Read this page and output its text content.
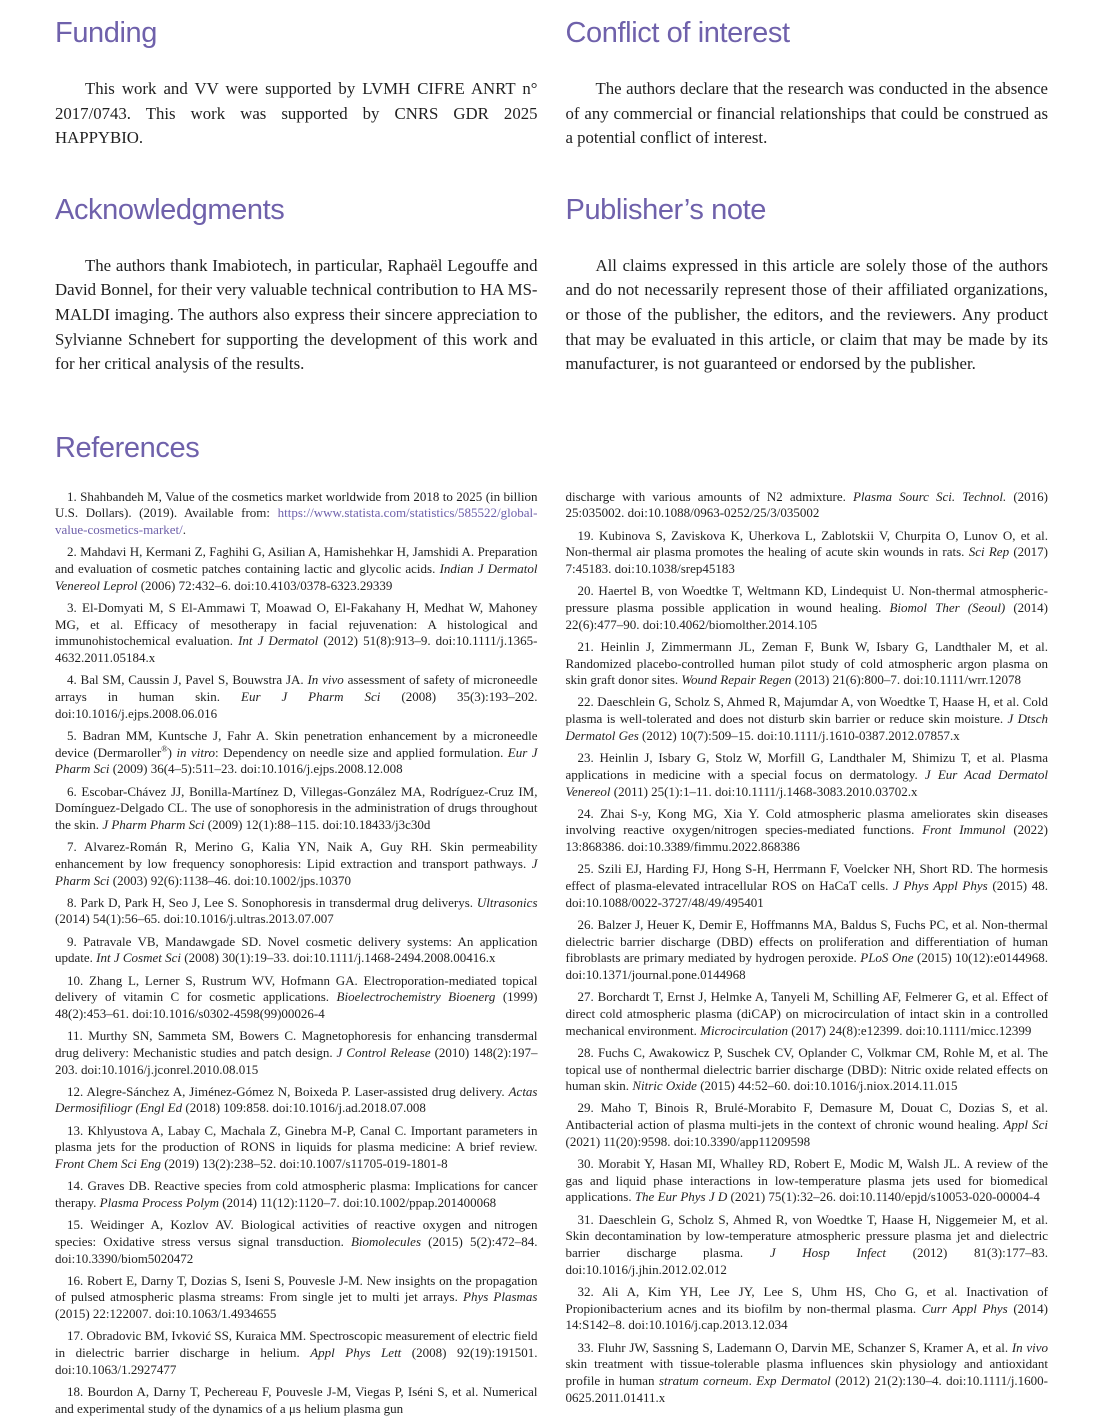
Funding

This work and VV were supported by LVMH CIFRE ANRT n° 2017/0743. This work was supported by CNRS GDR 2025 HAPPYBIO.

Acknowledgments

The authors thank Imabiotech, in particular, Raphaël Legouffe and David Bonnel, for their very valuable technical contribution to HA MS-MALDI imaging. The authors also express their sincere appreciation to Sylvianne Schnebert for supporting the development of this work and for her critical analysis of the results.

Conflict of interest

The authors declare that the research was conducted in the absence of any commercial or financial relationships that could be construed as a potential conflict of interest.

Publisher’s note

All claims expressed in this article are solely those of the authors and do not necessarily represent those of their affiliated organizations, or those of the publisher, the editors, and the reviewers. Any product that may be evaluated in this article, or claim that may be made by its manufacturer, is not guaranteed or endorsed by the publisher.

References

1. Shahbandeh M, Value of the cosmetics market worldwide from 2018 to 2025 (in billion U.S. Dollars). (2019). Available from: https://www.statista.com/statistics/585522/global-value-cosmetics-market/.

2. Mahdavi H, Kermani Z, Faghihi G, Asilian A, Hamishehkar H, Jamshidi A. Preparation and evaluation of cosmetic patches containing lactic and glycolic acids. Indian J Dermatol Venereol Leprol (2006) 72:432–6. doi:10.4103/0378-6323.29339

3. El-Domyati M, S El-Ammawi T, Moawad O, El-Fakahany H, Medhat W, Mahoney MG, et al. Efficacy of mesotherapy in facial rejuvenation: A histological and immunohistochemical evaluation. Int J Dermatol (2012) 51(8):913–9. doi:10.1111/j.1365-4632.2011.05184.x

4. Bal SM, Caussin J, Pavel S, Bouwstra JA. In vivo assessment of safety of microneedle arrays in human skin. Eur J Pharm Sci (2008) 35(3):193–202. doi:10.1016/j.ejps.2008.06.016

5. Badran MM, Kuntsche J, Fahr A. Skin penetration enhancement by a microneedle device (Dermaroller®) in vitro: Dependency on needle size and applied formulation. Eur J Pharm Sci (2009) 36(4–5):511–23. doi:10.1016/j.ejps.2008.12.008

6. Escobar-Chávez JJ, Bonilla-Martínez D, Villegas-González MA, Rodríguez-Cruz IM, Domínguez-Delgado CL. The use of sonophoresis in the administration of drugs throughout the skin. J Pharm Pharm Sci (2009) 12(1):88–115. doi:10.18433/j3c30d

7. Alvarez-Román R, Merino G, Kalia YN, Naik A, Guy RH. Skin permeability enhancement by low frequency sonophoresis: Lipid extraction and transport pathways. J Pharm Sci (2003) 92(6):1138–46. doi:10.1002/jps.10370

8. Park D, Park H, Seo J, Lee S. Sonophoresis in transdermal drug deliverys. Ultrasonics (2014) 54(1):56–65. doi:10.1016/j.ultras.2013.07.007

9. Patravale VB, Mandawgade SD. Novel cosmetic delivery systems: An application update. Int J Cosmet Sci (2008) 30(1):19–33. doi:10.1111/j.1468-2494.2008.00416.x

10. Zhang L, Lerner S, Rustrum WV, Hofmann GA. Electroporation-mediated topical delivery of vitamin C for cosmetic applications. Bioelectrochemistry Bioenerg (1999) 48(2):453–61. doi:10.1016/s0302-4598(99)00026-4

11. Murthy SN, Sammeta SM, Bowers C. Magnetophoresis for enhancing transdermal drug delivery: Mechanistic studies and patch design. J Control Release (2010) 148(2):197–203. doi:10.1016/j.jconrel.2010.08.015

12. Alegre-Sánchez A, Jiménez-Gómez N, Boixeda P. Laser-assisted drug delivery. Actas Dermosifiliogr (Engl Ed (2018) 109:858. doi:10.1016/j.ad.2018.07.008

13. Khlyustova A, Labay C, Machala Z, Ginebra M-P, Canal C. Important parameters in plasma jets for the production of RONS in liquids for plasma medicine: A brief review. Front Chem Sci Eng (2019) 13(2):238–52. doi:10.1007/s11705-019-1801-8

14. Graves DB. Reactive species from cold atmospheric plasma: Implications for cancer therapy. Plasma Process Polym (2014) 11(12):1120–7. doi:10.1002/ppap.201400068

15. Weidinger A, Kozlov AV. Biological activities of reactive oxygen and nitrogen species: Oxidative stress versus signal transduction. Biomolecules (2015) 5(2):472–84. doi:10.3390/biom5020472

16. Robert E, Darny T, Dozias S, Iseni S, Pouvesle J-M. New insights on the propagation of pulsed atmospheric plasma streams: From single jet to multi jet arrays. Phys Plasmas (2015) 22:122007. doi:10.1063/1.4934655

17. Obradovic BM, Ivković SS, Kuraica MM. Spectroscopic measurement of electric field in dielectric barrier discharge in helium. Appl Phys Lett (2008) 92(19):191501. doi:10.1063/1.2927477

18. Bourdon A, Darny T, Pechereau F, Pouvesle J-M, Viegas P, Iséni S, et al. Numerical and experimental study of the dynamics of a μs helium plasma gun

discharge with various amounts of N2 admixture. Plasma Sourc Sci. Technol. (2016) 25:035002. doi:10.1088/0963-0252/25/3/035002

19. Kubinova S, Zaviskova K, Uherkova L, Zablotskii V, Churpita O, Lunov O, et al. Non-thermal air plasma promotes the healing of acute skin wounds in rats. Sci Rep (2017) 7:45183. doi:10.1038/srep45183

20. Haertel B, von Woedtke T, Weltmann KD, Lindequist U. Non-thermal atmospheric-pressure plasma possible application in wound healing. Biomol Ther (Seoul) (2014) 22(6):477–90. doi:10.4062/biomolther.2014.105

21. Heinlin J, Zimmermann JL, Zeman F, Bunk W, Isbary G, Landthaler M, et al. Randomized placebo-controlled human pilot study of cold atmospheric argon plasma on skin graft donor sites. Wound Repair Regen (2013) 21(6):800–7. doi:10.1111/wrr.12078

22. Daeschlein G, Scholz S, Ahmed R, Majumdar A, von Woedtke T, Haase H, et al. Cold plasma is well-tolerated and does not disturb skin barrier or reduce skin moisture. J Dtsch Dermatol Ges (2012) 10(7):509–15. doi:10.1111/j.1610-0387.2012.07857.x

23. Heinlin J, Isbary G, Stolz W, Morfill G, Landthaler M, Shimizu T, et al. Plasma applications in medicine with a special focus on dermatology. J Eur Acad Dermatol Venereol (2011) 25(1):1–11. doi:10.1111/j.1468-3083.2010.03702.x

24. Zhai S-y, Kong MG, Xia Y. Cold atmospheric plasma ameliorates skin diseases involving reactive oxygen/nitrogen species-mediated functions. Front Immunol (2022) 13:868386. doi:10.3389/fimmu.2022.868386

25. Szili EJ, Harding FJ, Hong S-H, Herrmann F, Voelcker NH, Short RD. The hormesis effect of plasma-elevated intracellular ROS on HaCaT cells. J Phys Appl Phys (2015) 48. doi:10.1088/0022-3727/48/49/495401

26. Balzer J, Heuer K, Demir E, Hoffmanns MA, Baldus S, Fuchs PC, et al. Non-thermal dielectric barrier discharge (DBD) effects on proliferation and differentiation of human fibroblasts are primary mediated by hydrogen peroxide. PLoS One (2015) 10(12):e0144968. doi:10.1371/journal.pone.0144968

27. Borchardt T, Ernst J, Helmke A, Tanyeli M, Schilling AF, Felmerer G, et al. Effect of direct cold atmospheric plasma (diCAP) on microcirculation of intact skin in a controlled mechanical environment. Microcirculation (2017) 24(8):e12399. doi:10.1111/micc.12399

28. Fuchs C, Awakowicz P, Suschek CV, Oplander C, Volkmar CM, Rohle M, et al. The topical use of nonthermal dielectric barrier discharge (DBD): Nitric oxide related effects on human skin. Nitric Oxide (2015) 44:52–60. doi:10.1016/j.niox.2014.11.015

29. Maho T, Binois R, Brulé-Morabito F, Demasure M, Douat C, Dozias S, et al. Antibacterial action of plasma multi-jets in the context of chronic wound healing. Appl Sci (2021) 11(20):9598. doi:10.3390/app11209598

30. Morabit Y, Hasan MI, Whalley RD, Robert E, Modic M, Walsh JL. A review of the gas and liquid phase interactions in low-temperature plasma jets used for biomedical applications. The Eur Phys J D (2021) 75(1):32–26. doi:10.1140/epjd/s10053-020-00004-4

31. Daeschlein G, Scholz S, Ahmed R, von Woedtke T, Haase H, Niggemeier M, et al. Skin decontamination by low-temperature atmospheric pressure plasma jet and dielectric barrier discharge plasma. J Hosp Infect (2012) 81(3):177–83. doi:10.1016/j.jhin.2012.02.012

32. Ali A, Kim YH, Lee JY, Lee S, Uhm HS, Cho G, et al. Inactivation of Propionibacterium acnes and its biofilm by non-thermal plasma. Curr Appl Phys (2014) 14:S142–8. doi:10.1016/j.cap.2013.12.034

33. Fluhr JW, Sassning S, Lademann O, Darvin ME, Schanzer S, Kramer A, et al. In vivo skin treatment with tissue-tolerable plasma influences skin physiology and antioxidant profile in human stratum corneum. Exp Dermatol (2012) 21(2):130–4. doi:10.1111/j.1600-0625.2011.01411.x
